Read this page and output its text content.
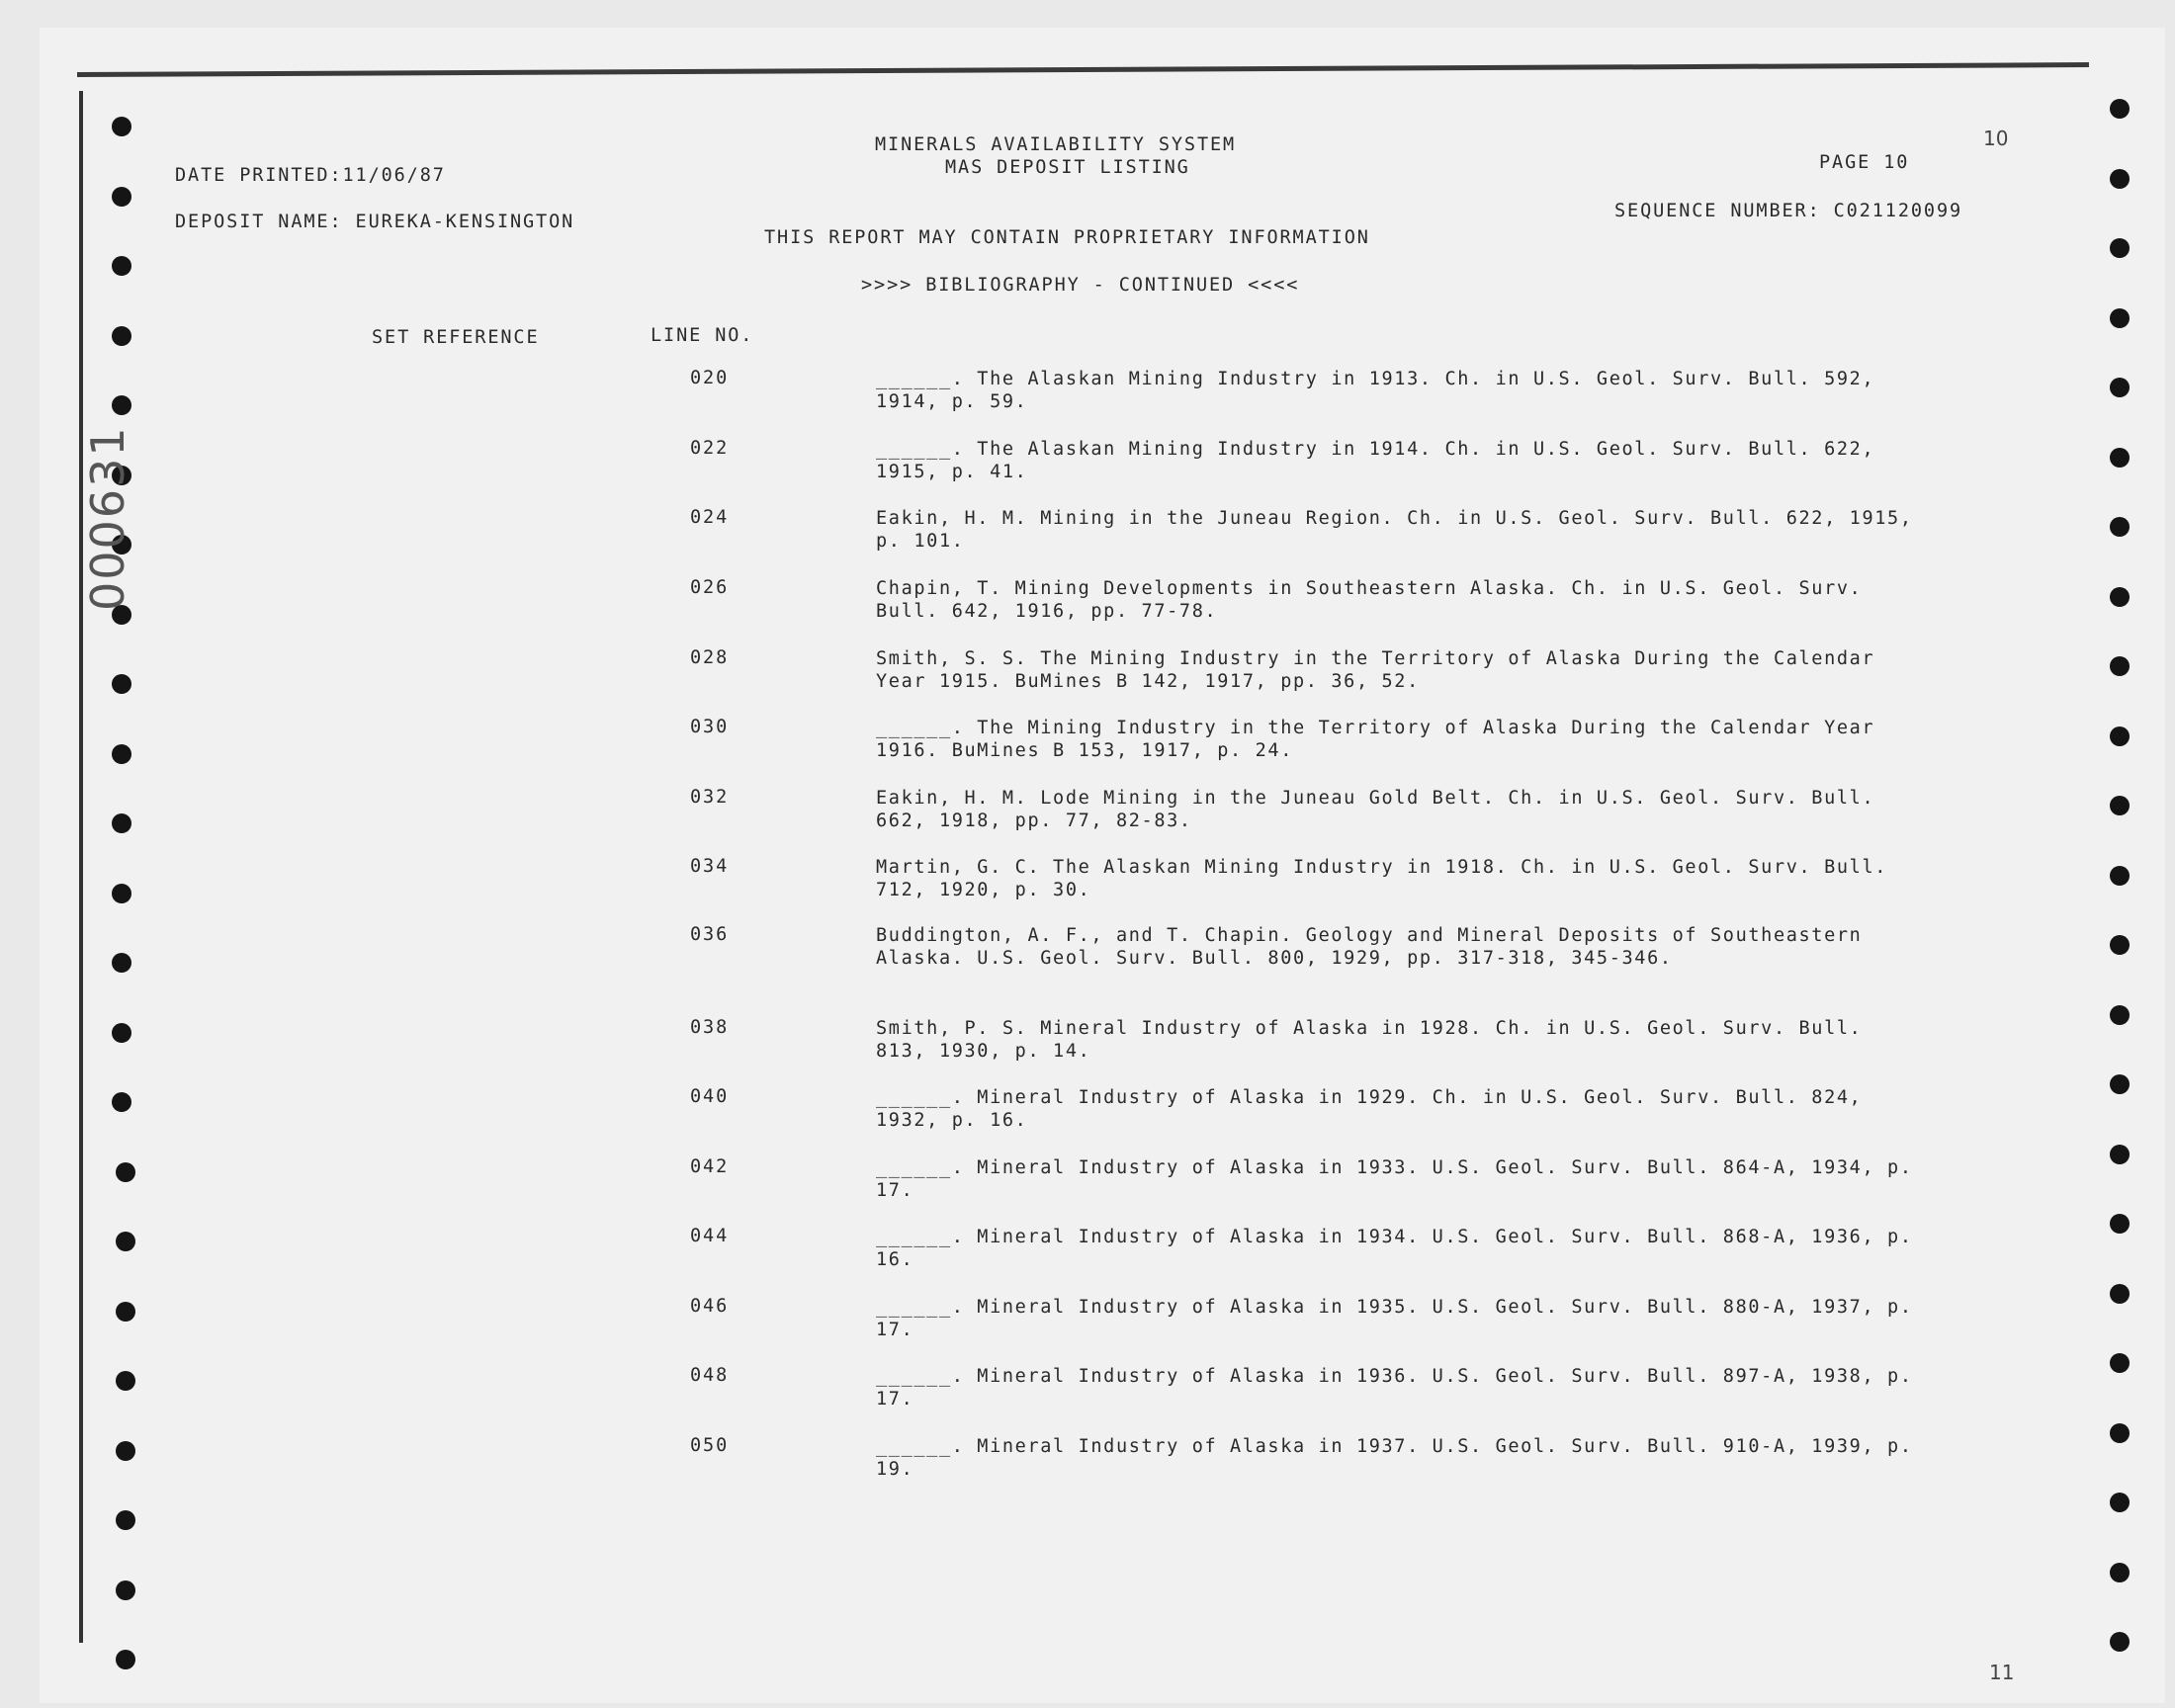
10
11
000631

MINERALS AVAILABILITY SYSTEM
MAS DEPOSIT LISTING
DATE PRINTED:11/06/87
PAGE 10
DEPOSIT NAME: EUREKA-KENSINGTON
SEQUENCE NUMBER: C021120099
THIS REPORT MAY CONTAIN PROPRIETARY INFORMATION
>>>> BIBLIOGRAPHY - CONTINUED <<<<
SET REFERENCE	LINE NO.
020	______. The Alaskan Mining Industry in 1913. Ch. in U.S. Geol. Surv. Bull. 592, 1914, p. 59.
022	______. The Alaskan Mining Industry in 1914. Ch. in U.S. Geol. Surv. Bull. 622, 1915, p. 41.
024	Eakin, H. M. Mining in the Juneau Region. Ch. in U.S. Geol. Surv. Bull. 622, 1915, p. 101.
026	Chapin, T. Mining Developments in Southeastern Alaska. Ch. in U.S. Geol. Surv. Bull. 642, 1916, pp. 77-78.
028	Smith, S. S. The Mining Industry in the Territory of Alaska During the Calendar Year 1915. BuMines B 142, 1917, pp. 36, 52.
030	______. The Mining Industry in the Territory of Alaska During the Calendar Year 1916. BuMines B 153, 1917, p. 24.
032	Eakin, H. M. Lode Mining in the Juneau Gold Belt. Ch. in U.S. Geol. Surv. Bull. 662, 1918, pp. 77, 82-83.
034	Martin, G. C. The Alaskan Mining Industry in 1918. Ch. in U.S. Geol. Surv. Bull. 712, 1920, p. 30.
036	Buddington, A. F., and T. Chapin. Geology and Mineral Deposits of Southeastern Alaska. U.S. Geol. Surv. Bull. 800, 1929, pp. 317-318, 345-346.
038	Smith, P. S. Mineral Industry of Alaska in 1928. Ch. in U.S. Geol. Surv. Bull. 813, 1930, p. 14.
040	______. Mineral Industry of Alaska in 1929. Ch. in U.S. Geol. Surv. Bull. 824, 1932, p. 16.
042	______. Mineral Industry of Alaska in 1933. U.S. Geol. Surv. Bull. 864-A, 1934, p. 17.
044	______. Mineral Industry of Alaska in 1934. U.S. Geol. Surv. Bull. 868-A, 1936, p. 16.
046	______. Mineral Industry of Alaska in 1935. U.S. Geol. Surv. Bull. 880-A, 1937, p. 17.
048	______. Mineral Industry of Alaska in 1936. U.S. Geol. Surv. Bull. 897-A, 1938, p. 17.
050	______. Mineral Industry of Alaska in 1937. U.S. Geol. Surv. Bull. 910-A, 1939, p. 19.
